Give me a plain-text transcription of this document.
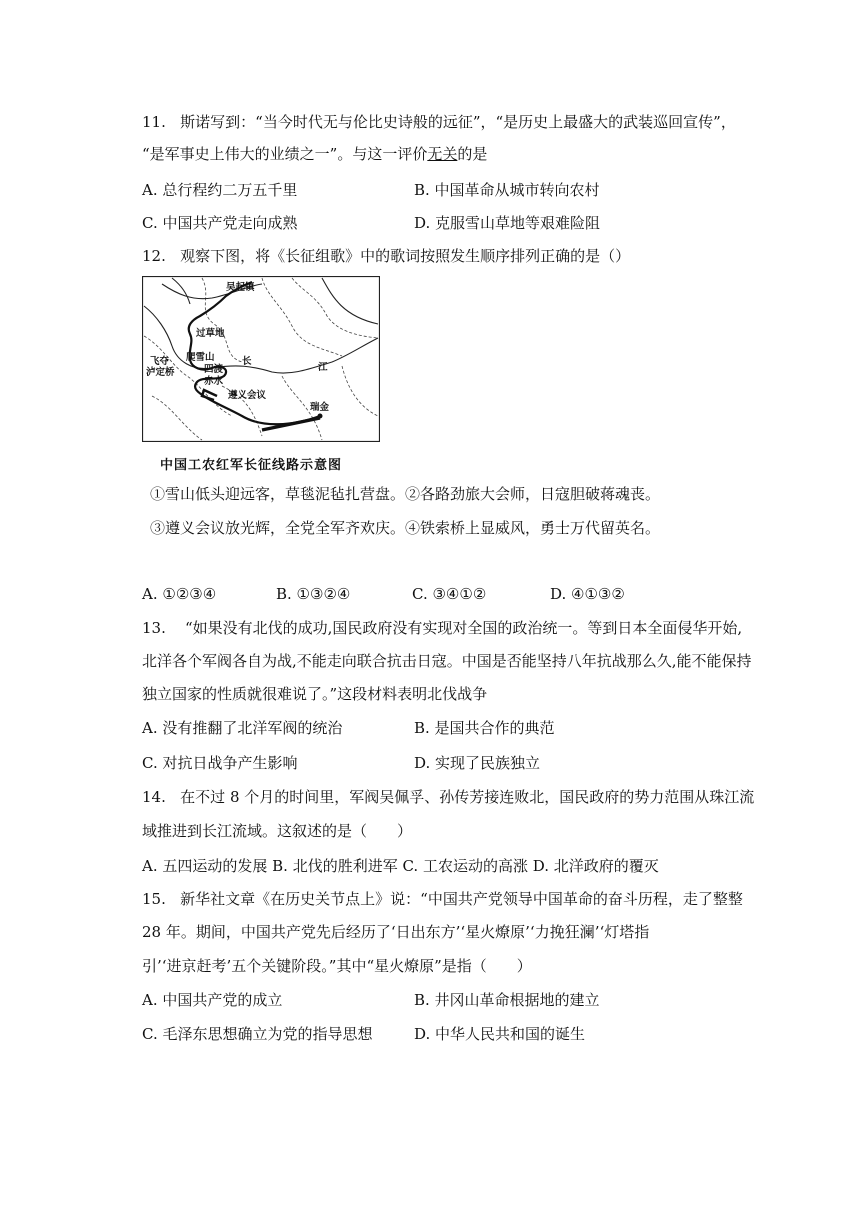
11. 斯诺写到：“当今时代无与伦比史诗般的远征”，“是历史上最盛大的武装巡回宣传”，
“是军事史上伟大的业绩之一”。与这一评价无关的是
A. 总行程约二万五千里	B. 中国革命从城市转向农村
C. 中国共产党走向成熟	D. 克服雪山草地等艰难险阻
12. 观察下图，将《长征组歌》中的歌词按照发生顺序排列正确的是（）
吴起镇
过草地
飞夺
泸定桥
爬雪山
四渡
赤水
遵义会议
长
江
瑞金
中国工农红军长征线路示意图
①雪山低头迎远客，草毯泥毡扎营盘。②各路劲旅大会师，日寇胆破蒋魂丧。
③遵义会议放光辉，全党全军齐欢庆。④铁索桥上显威风，勇士万代留英名。
A. ①②③④	B. ①③②④	C. ③④①②	D. ④①③②
13. “如果没有北伐的成功,国民政府没有实现对全国的政治统一。等到日本全面侵华开始,
北洋各个军阀各自为战,不能走向联合抗击日寇。中国是否能坚持八年抗战那么久,能不能保持
独立国家的性质就很难说了。”这段材料表明北伐战争
A. 没有推翻了北洋军阀的统治	B. 是国共合作的典范
C. 对抗日战争产生影响	D. 实现了民族独立
14. 在不过 8 个月的时间里，军阀吴佩孚、孙传芳接连败北，国民政府的势力范围从珠江流
域推进到长江流域。这叙述的是（　　）
A. 五四运动的发展 B. 北伐的胜利进军 C. 工农运动的高涨 D. 北洋政府的覆灭
15. 新华社文章《在历史关节点上》说：“中国共产党领导中国革命的奋斗历程，走了整整
28 年。期间，中国共产党先后经历了‘日出东方’‘星火燎原’‘力挽狂澜’‘灯塔指
引’‘进京赶考’五个关键阶段。”其中“星火燎原”是指（　　）
A. 中国共产党的成立	B. 井冈山革命根据地的建立
C. 毛泽东思想确立为党的指导思想	D. 中华人民共和国的诞生
